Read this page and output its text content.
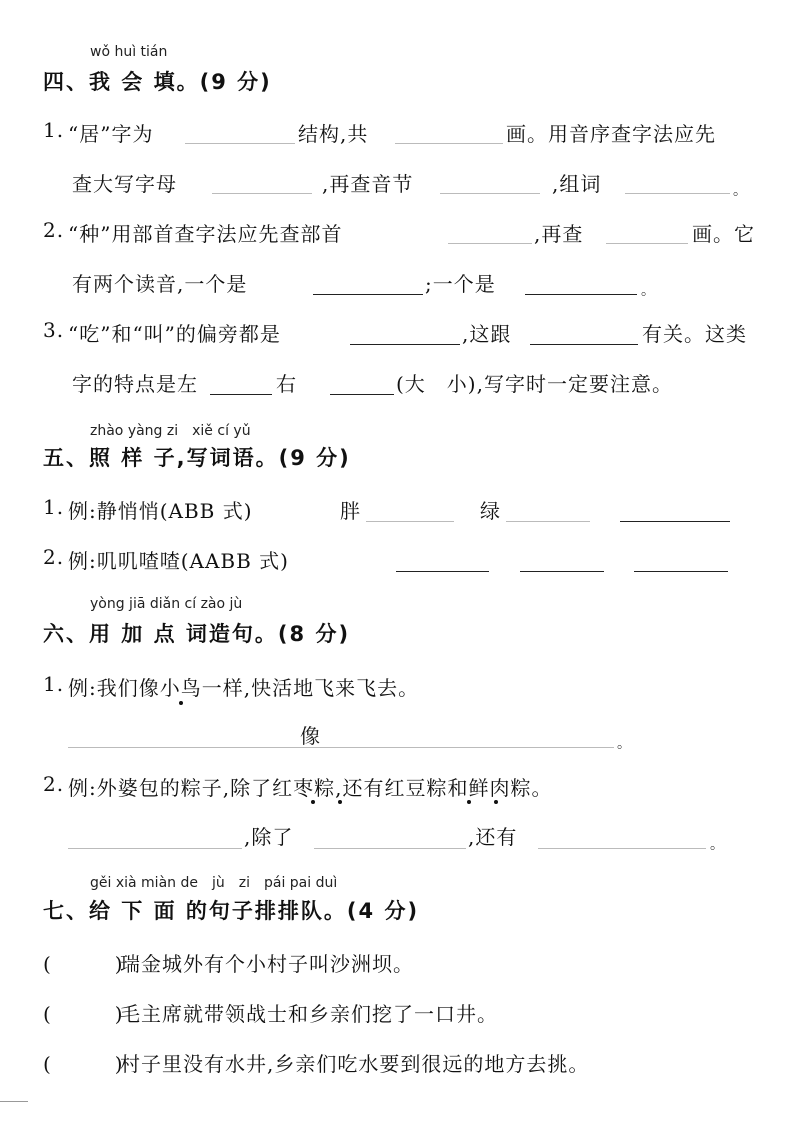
wǒ huì tián
四、我 会 填。(9 分)
1. “居”字为	结构,共	画。用音序查字法应先
查大写字母	,再查音节	,组词	。
2. “种”用部首查字法应先查部首	,再查	画。它
有两个读音,一个是	;一个是	。
3. “吃”和“叫”的偏旁都是	,这跟	有关。这类
字的特点是左	右	(大　小),写字时一定要注意。
zhào yàng zi　xiě cí yǔ
五、照 样 子,写词语。(9 分)
1. 例:静悄悄(ABB 式)	胖	绿
2. 例:叽叽喳喳(AABB 式)
yòng jiā diǎn cí zào jù
六、用 加 点 词造句。(8 分)
1. 例:我们像小鸟一样,快活地飞来飞去。
像	。
2. 例:外婆包的粽子,除了红枣粽,还有红豆粽和鲜肉粽。
,除了	,还有	。
gěi xià miàn de　jù　zi　pái pai duì
七、给 下 面 的句子排排队。(4 分)
(　　　)
瑞金城外有个小村子叫沙洲坝。
(　　　)
毛主席就带领战士和乡亲们挖了一口井。
(　　　)
村子里没有水井,乡亲们吃水要到很远的地方去挑。
